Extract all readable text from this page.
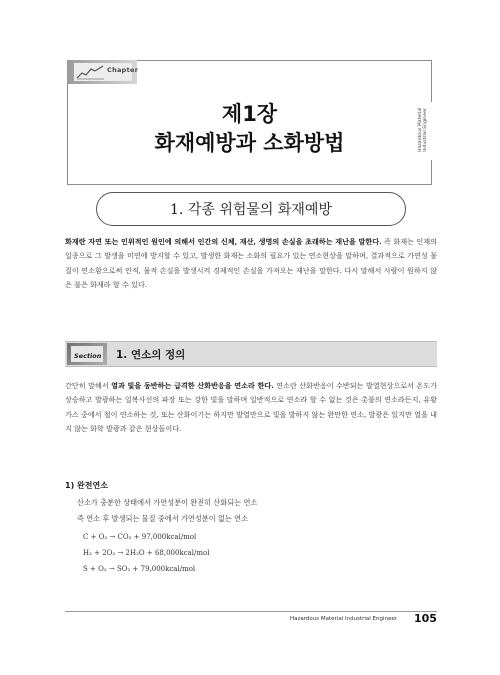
Chapter
제1장
화재예방과 소화방법	Hazardous Material Industrial Engineer
1. 각종 위험물의 화재예방
화재란 자연 또는 인위적인 원인에 의해서 인간의 신체, 재산, 생명의 손실을 초래하는 재난을 말한다. 즉 화재는 인재의 일종으로 그 발생을 미연에 방지할 수 있고, 발생한 화재는 소화의 필요가 있는 연소현상을 말하며, 결과적으로 가연성 물질이 연소함으로써 인적, 물적 손실을 발생시켜 경제적인 손실을 가져오는 재난을 말한다. 다시 말해서 사람이 원하지 않은 불은 화재라 할 수 있다.
Section 1. 연소의 정의
간단히 말해서 열과 빛을 동반하는 급격한 산화반응을 연소라 한다. 연소란 산화반응이 수반되는 발열현상으로서 온도가 상승하고 발광하는 일복사선의 파장 또는 강한 빛을 말하며 일반적으로 연소라 할 수 없는 것은 촛불의 연소라든지, 유황가스 중에서 철이 연소하는 것, 또는 산화이기는 하지만 발열만으로 빛을 발하지 않는 완만한 연소, 발광은 있지만 열을 내지 않는 화학 발광과 같은 현상들이다.
1) 완전연소
산소가 충분한 상태에서 가연성분이 완전히 산화되는 연소
즉 연소 후 발생되는 물질 중에서 가연성분이 없는 연소
C + O₂ → CO₂ + 97,000kcal/mol
H₂ + 2O₂ → 2H₂O + 68,000kcal/mol
S + O₂ → SO₂ + 79,000kcal/mol
Hazardous Material Industrial Engineer 105
